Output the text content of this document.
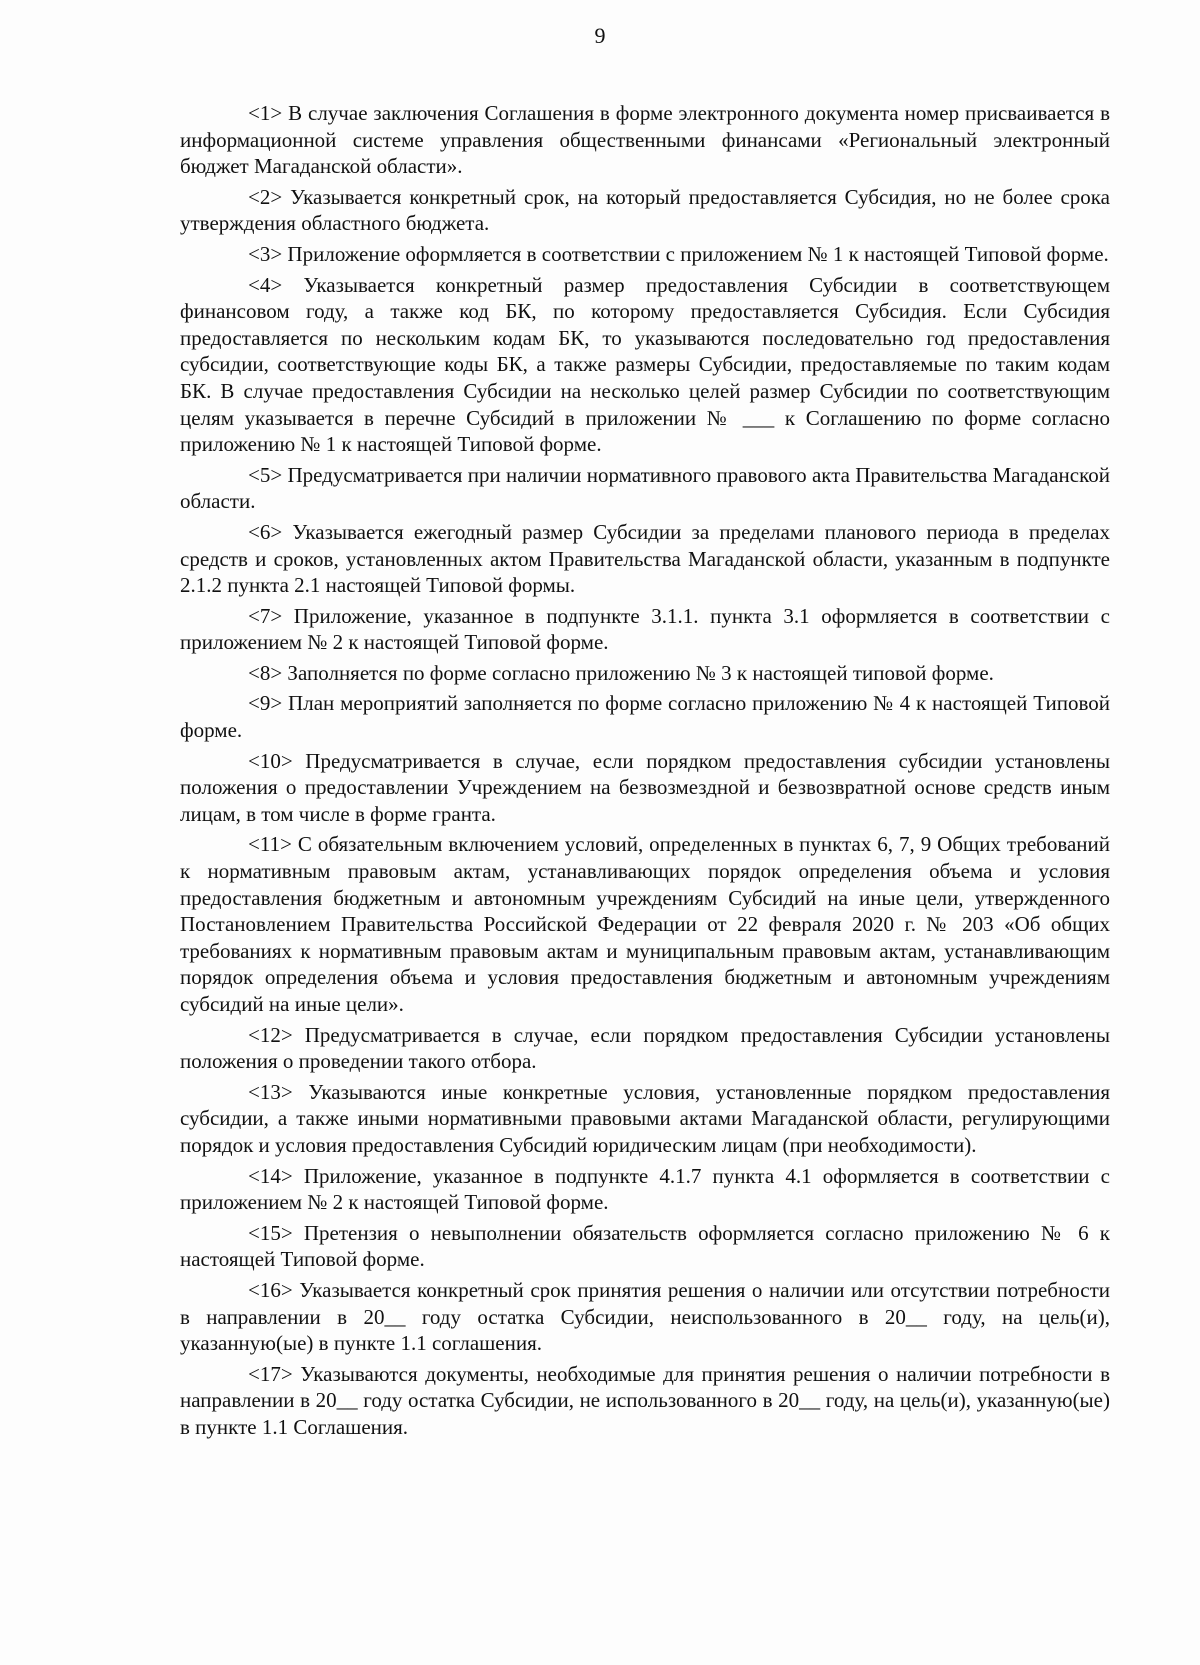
9

<1> В случае заключения Соглашения в форме электронного документа номер присваивается в информационной системе управления общественными финансами «Региональный электронный бюджет Магаданской области».

<2> Указывается конкретный срок, на который предоставляется Субсидия, но не более срока утверждения областного бюджета.

<3> Приложение оформляется в соответствии с приложением № 1 к настоящей Типовой форме.

<4> Указывается конкретный размер предоставления Субсидии в соответствующем финансовом году, а также код БК, по которому предоставляется Субсидия. Если Субсидия предоставляется по нескольким кодам БК, то указываются последовательно год предоставления субсидии, соответствующие коды БК, а также размеры Субсидии, предоставляемые по таким кодам БК. В случае предоставления Субсидии на несколько целей размер Субсидии по соответствующим целям указывается в перечне Субсидий в приложении № ___ к Соглашению по форме согласно приложению № 1 к настоящей Типовой форме.

<5> Предусматривается при наличии нормативного правового акта Правительства Магаданской области.

<6> Указывается ежегодный размер Субсидии за пределами планового периода в пределах средств и сроков, установленных актом Правительства Магаданской области, указанным в подпункте 2.1.2 пункта 2.1 настоящей Типовой формы.

<7> Приложение, указанное в подпункте 3.1.1. пункта 3.1 оформляется в соответствии с приложением № 2 к настоящей Типовой форме.

<8> Заполняется по форме согласно приложению № 3 к настоящей типовой форме.

<9> План мероприятий заполняется по форме согласно приложению № 4 к настоящей Типовой форме.

<10> Предусматривается в случае, если порядком предоставления субсидии установлены положения о предоставлении Учреждением на безвозмездной и безвозвратной основе средств иным лицам, в том числе в форме гранта.

<11> С обязательным включением условий, определенных в пунктах 6, 7, 9 Общих требований к нормативным правовым актам, устанавливающих порядок определения объема и условия предоставления бюджетным и автономным учреждениям Субсидий на иные цели, утвержденного Постановлением Правительства Российской Федерации от 22 февраля 2020 г. № 203 «Об общих требованиях к нормативным правовым актам и муниципальным правовым актам, устанавливающим порядок определения объема и условия предоставления бюджетным и автономным учреждениям субсидий на иные цели».

<12> Предусматривается в случае, если порядком предоставления Субсидии установлены положения о проведении такого отбора.

<13> Указываются иные конкретные условия, установленные порядком предоставления субсидии, а также иными нормативными правовыми актами Магаданской области, регулирующими порядок и условия предоставления Субсидий юридическим лицам (при необходимости).

<14> Приложение, указанное в подпункте 4.1.7 пункта 4.1 оформляется в соответствии с приложением № 2 к настоящей Типовой форме.

<15> Претензия о невыполнении обязательств оформляется согласно приложению № 6 к настоящей Типовой форме.

<16> Указывается конкретный срок принятия решения о наличии или отсутствии потребности в направлении в 20__ году остатка Субсидии, неиспользованного в 20__ году, на цель(и), указанную(ые) в пункте 1.1 соглашения.

<17> Указываются документы, необходимые для принятия решения о наличии потребности в направлении в 20__ году остатка Субсидии, не использованного в 20__ году, на цель(и), указанную(ые) в пункте 1.1 Соглашения.
